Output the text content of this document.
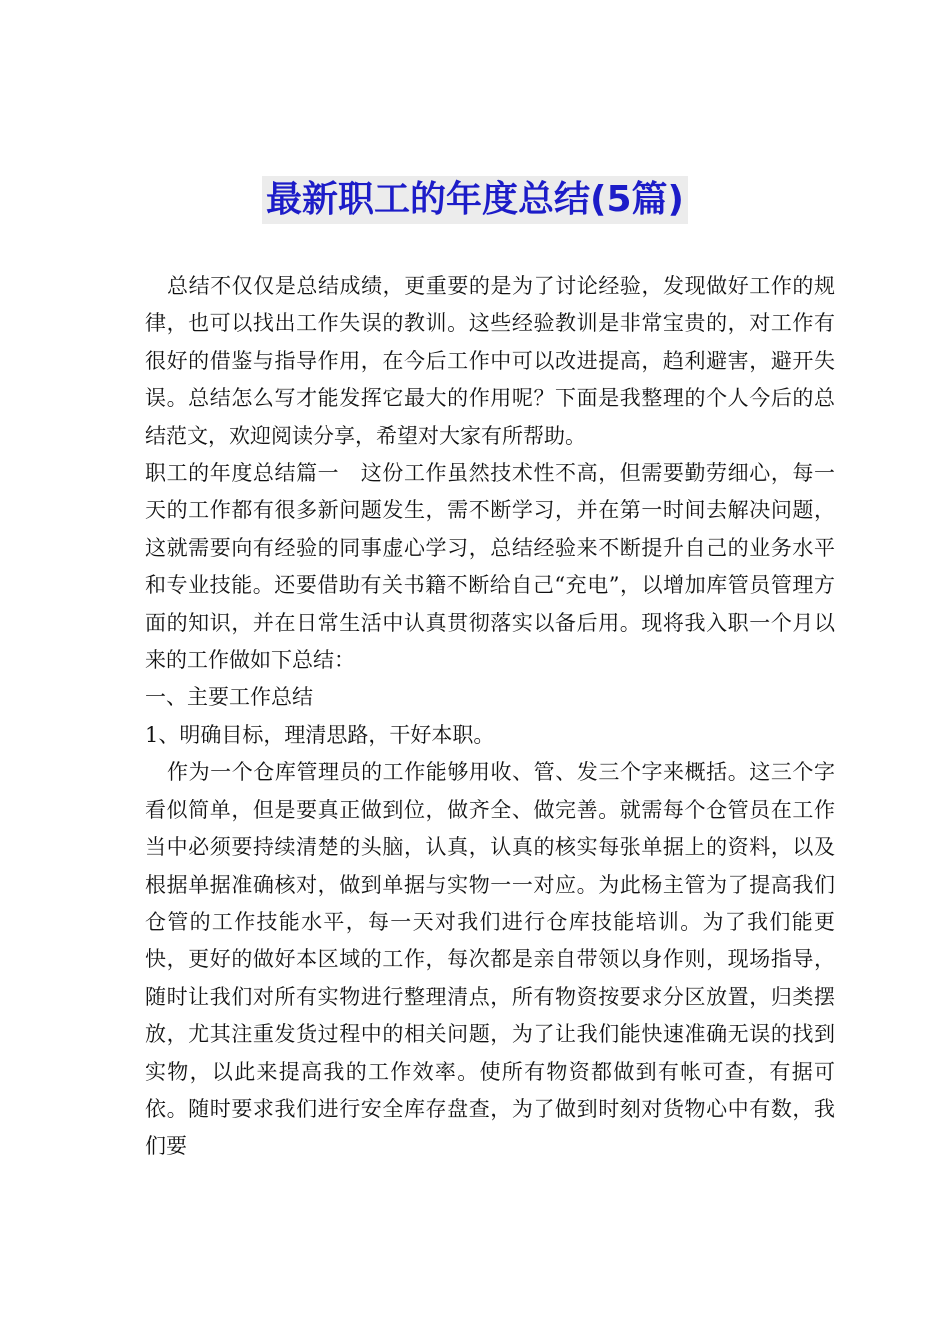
最新职工的年度总结(5篇)

总结不仅仅是总结成绩，更重要的是为了讨论经验，发现做好工作的规律，也可以找出工作失误的教训。这些经验教训是非常宝贵的，对工作有很好的借鉴与指导作用，在今后工作中可以改进提高，趋利避害，避开失误。总结怎么写才能发挥它最大的作用呢？下面是我整理的个人今后的总结范文，欢迎阅读分享，希望对大家有所帮助。

职工的年度总结篇一　这份工作虽然技术性不高，但需要勤劳细心，每一天的工作都有很多新问题发生，需不断学习，并在第一时间去解决问题，这就需要向有经验的同事虚心学习，总结经验来不断提升自己的业务水平和专业技能。还要借助有关书籍不断给自己“充电”，以增加库管员管理方面的知识，并在日常生活中认真贯彻落实以备后用。现将我入职一个月以来的工作做如下总结：

一、主要工作总结

1、明确目标，理清思路，干好本职。

作为一个仓库管理员的工作能够用收、管、发三个字来概括。这三个字看似简单，但是要真正做到位，做齐全、做完善。就需每个仓管员在工作当中必须要持续清楚的头脑，认真，认真的核实每张单据上的资料，以及根据单据准确核对，做到单据与实物一一对应。为此杨主管为了提高我们仓管的工作技能水平，每一天对我们进行仓库技能培训。为了我们能更快，更好的做好本区域的工作，每次都是亲自带领以身作则，现场指导，随时让我们对所有实物进行整理清点，所有物资按要求分区放置，归类摆放，尤其注重发货过程中的相关问题，为了让我们能快速准确无误的找到实物，以此来提高我的工作效率。使所有物资都做到有帐可查，有据可依。随时要求我们进行安全库存盘查，为了做到时刻对货物心中有数，我们要
